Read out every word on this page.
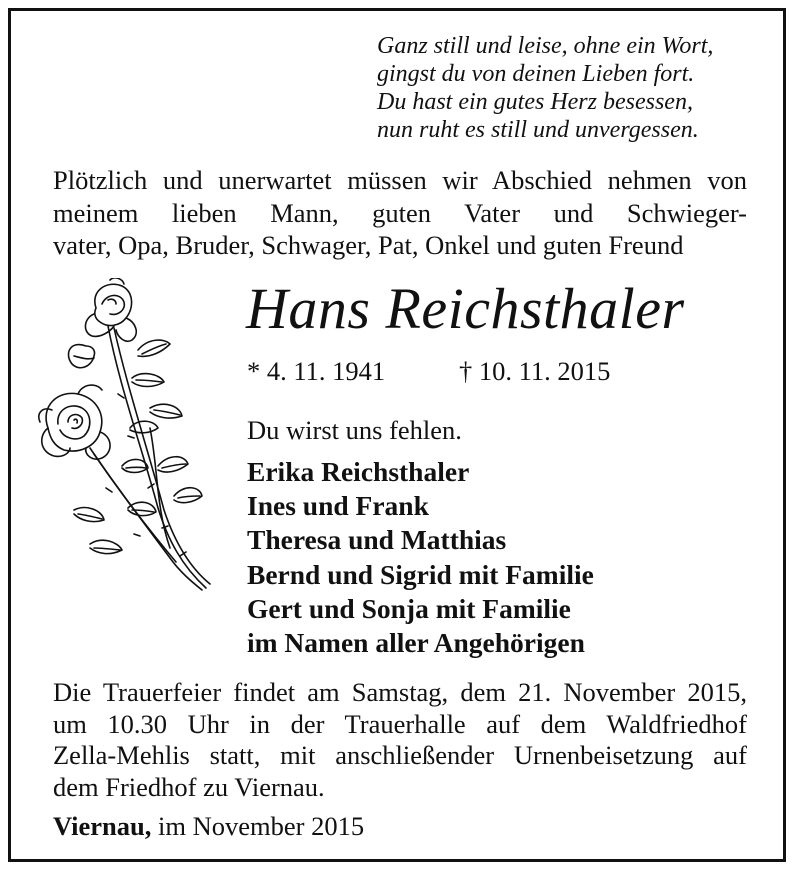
Ganz still und leise, ohne ein Wort,
gingst du von deinen Lieben fort.
Du hast ein gutes Herz besessen,
nun ruht es still und unvergessen.
Plötzlich und unerwartet müssen wir Abschied nehmen von
meinem lieben Mann, guten Vater und Schwieger-
vater, Opa, Bruder, Schwager, Pat, Onkel und guten Freund
Hans Reichsthaler
* 4. 11. 1941	† 10. 11. 2015
Du wirst uns fehlen.
Erika Reichsthaler
Ines und Frank
Theresa und Matthias
Bernd und Sigrid mit Familie
Gert und Sonja mit Familie
im Namen aller Angehörigen
Die Trauerfeier findet am Samstag, dem 21. November 2015,
um 10.30 Uhr in der Trauerhalle auf dem Waldfriedhof
Zella-Mehlis statt, mit anschließender Urnenbeisetzung auf
dem Friedhof zu Viernau.
Viernau, im November 2015
